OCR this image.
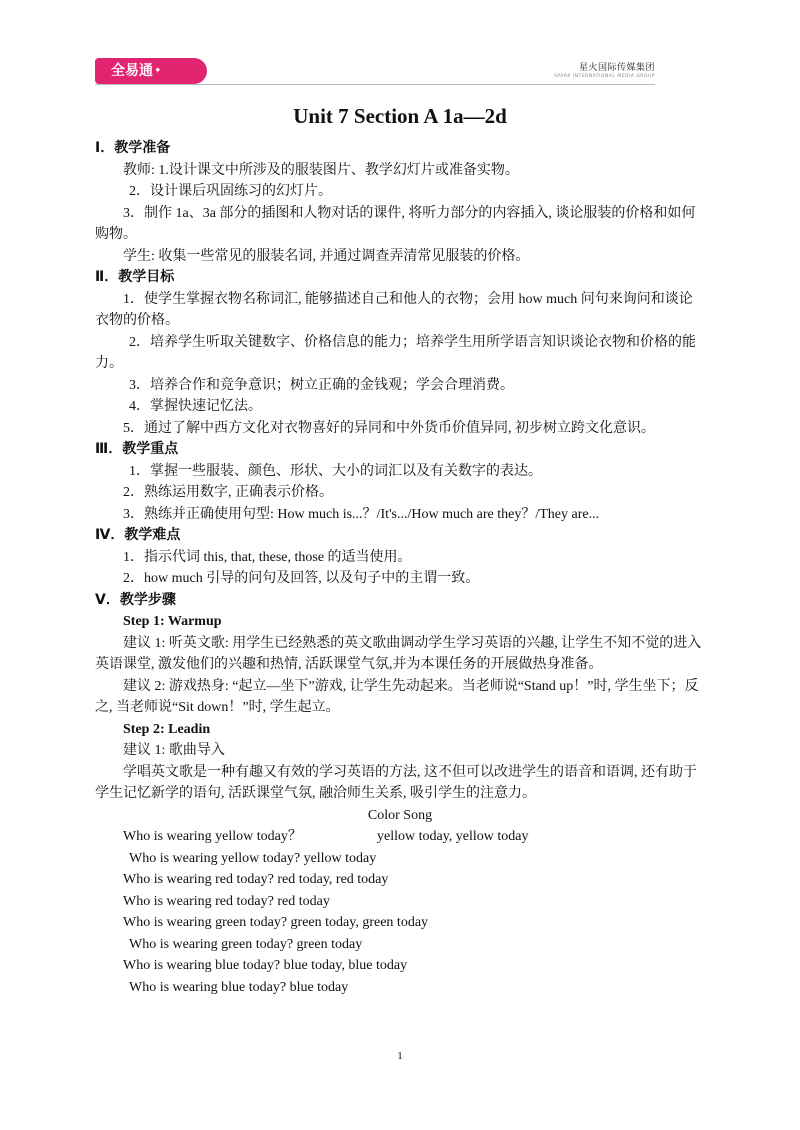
全易通✦	星火国际传媒集团
SPARK INTERNATIONAL MEDIA GROUP
Unit 7 Section A 1a—2d

Ⅰ．教学准备

教师: 1.设计课文中所涉及的服装图片、教学幻灯片或准备实物。

2．设计课后巩固练习的幻灯片。

3．制作 1a、3a 部分的插图和人物对话的课件, 将听力部分的内容插入, 谈论服装的价格和如何购物。

学生: 收集一些常见的服装名词, 并通过调查弄清常见服装的价格。

Ⅱ．教学目标

1．使学生掌握衣物名称词汇, 能够描述自己和他人的衣物；会用 how much 问句来询问和谈论衣物的价格。

2．培养学生听取关键数字、价格信息的能力；培养学生用所学语言知识谈论衣物和价格的能力。

3．培养合作和竞争意识；树立正确的金钱观；学会合理消费。

4．掌握快速记忆法。

5．通过了解中西方文化对衣物喜好的异同和中外货币价值异同, 初步树立跨文化意识。

Ⅲ．教学重点

1．掌握一些服装、颜色、形状、大小的词汇以及有关数字的表达。

2．熟练运用数字, 正确表示价格。

3．熟练并正确使用句型: How much is...？/It's.../How much are they？/They are...

Ⅳ．教学难点

1．指示代词 this, that, these, those 的适当使用。

2．how much 引导的问句及回答, 以及句子中的主谓一致。

Ⅴ．教学步骤

Step 1: Warmup

建议 1: 听英文歌: 用学生已经熟悉的英文歌曲调动学生学习英语的兴趣, 让学生不知不觉的进入英语课堂, 激发他们的兴趣和热情, 活跃课堂气氛,并为本课任务的开展做热身准备。

建议 2: 游戏热身: “起立—坐下”游戏, 让学生先动起来。当老师说“Stand up！”时, 学生坐下；反之, 当老师说“Sit down！”时, 学生起立。

Step 2: Leadin

建议 1: 歌曲导入

学唱英文歌是一种有趣又有效的学习英语的方法, 这不但可以改进学生的语音和语调, 还有助于学生记忆新学的语句, 活跃课堂气氛, 融洽师生关系, 吸引学生的注意力。

Color Song

Who is wearing yellow today？	yellow today, yellow today

Who is wearing yellow today? yellow today

Who is wearing red today? red today, red today

Who is wearing red today? red today

Who is wearing green today? green today, green today

Who is wearing green today? green today

Who is wearing blue today? blue today, blue today

Who is wearing blue today? blue today

1
